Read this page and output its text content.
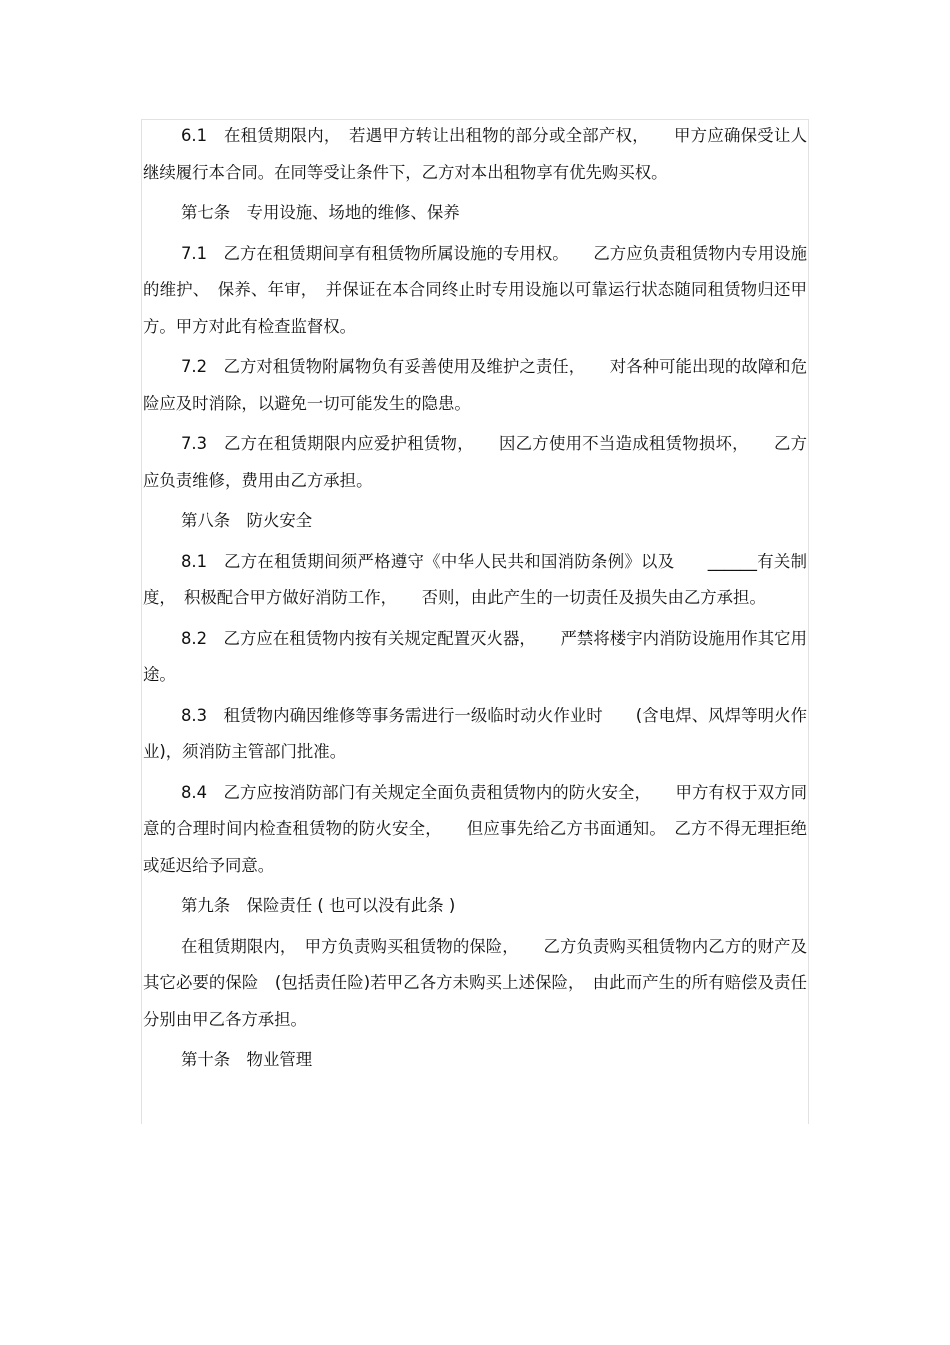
6.1　在租赁期限内，　若遇甲方转让出租物的部分或全部产权，　　甲方应确保受让人继续履行本合同。在同等受让条件下，乙方对本出租物享有优先购买权。

第七条　专用设施、场地的维修、保养

7.1　乙方在租赁期间享有租赁物所属设施的专用权。　　乙方应负责租赁物内专用设施的维护、　保养、年审，　并保证在本合同终止时专用设施以可靠运行状态随同租赁物归还甲方。甲方对此有检查监督权。

7.2　乙方对租赁物附属物负有妥善使用及维护之责任，　　对各种可能出现的故障和危险应及时消除，以避免一切可能发生的隐患。

7.3　乙方在租赁期限内应爱护租赁物，　　因乙方使用不当造成租赁物损坏，　　乙方应负责维修，费用由乙方承担。

第八条　防火安全

8.1　乙方在租赁期间须严格遵守《中华人民共和国消防条例》以及　　______有关制度，　积极配合甲方做好消防工作，　　否则，由此产生的一切责任及损失由乙方承担。

8.2　乙方应在租赁物内按有关规定配置灭火器，　　严禁将楼宇内消防设施用作其它用途。

8.3　租赁物内确因维修等事务需进行一级临时动火作业时　　(含电焊、风焊等明火作业)，须消防主管部门批准。

8.4　乙方应按消防部门有关规定全面负责租赁物内的防火安全，　　甲方有权于双方同意的合理时间内检查租赁物的防火安全，　　但应事先给乙方书面通知。　乙方不得无理拒绝或延迟给予同意。

第九条　保险责任 ( 也可以没有此条 )

在租赁期限内，　甲方负责购买租赁物的保险，　　乙方负责购买租赁物内乙方的财产及其它必要的保险　(包括责任险)若甲乙各方未购买上述保险，　由此而产生的所有赔偿及责任分别由甲乙各方承担。

第十条　物业管理
